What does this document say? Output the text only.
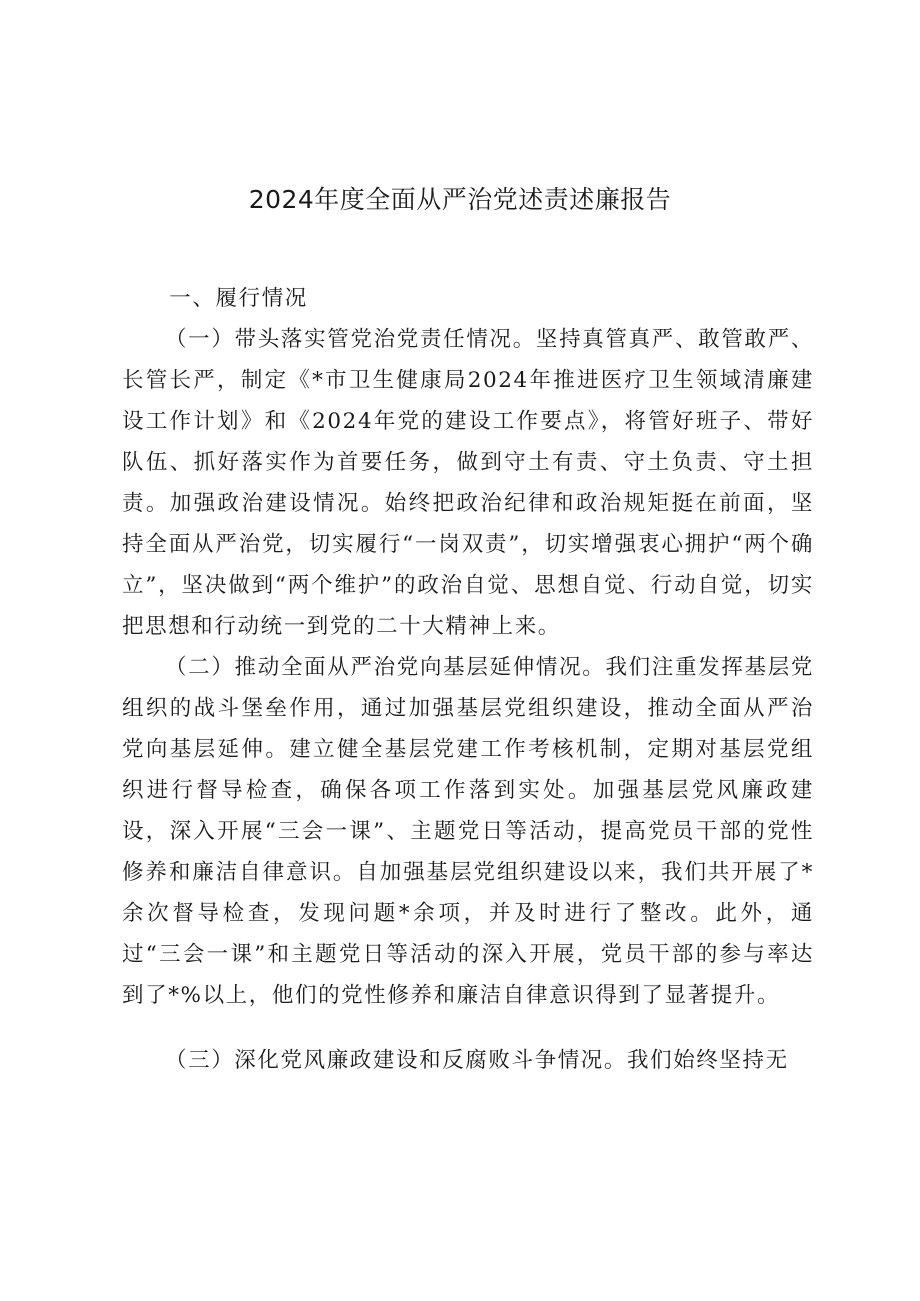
2024年度全面从严治党述责述廉报告

一、履行情况

（一）带头落实管党治党责任情况。坚持真管真严、敢管敢严、长管长严，制定《*市卫生健康局2024年推进医疗卫生领域清廉建设工作计划》和《2024年党的建设工作要点》，将管好班子、带好队伍、抓好落实作为首要任务，做到守土有责、守土负责、守土担责。加强政治建设情况。始终把政治纪律和政治规矩挺在前面，坚持全面从严治党，切实履行“一岗双责”，切实增强衷心拥护“两个确立”，坚决做到“两个维护”的政治自觉、思想自觉、行动自觉，切实把思想和行动统一到党的二十大精神上来。

（二）推动全面从严治党向基层延伸情况。我们注重发挥基层党组织的战斗堡垒作用，通过加强基层党组织建设，推动全面从严治党向基层延伸。建立健全基层党建工作考核机制，定期对基层党组织进行督导检查，确保各项工作落到实处。加强基层党风廉政建设，深入开展“三会一课”、主题党日等活动，提高党员干部的党性修养和廉洁自律意识。自加强基层党组织建设以来，我们共开展了*余次督导检查，发现问题*余项，并及时进行了整改。此外，通过“三会一课”和主题党日等活动的深入开展，党员干部的参与率达到了*%以上，他们的党性修养和廉洁自律意识得到了显著提升。

（三）深化党风廉政建设和反腐败斗争情况。我们始终坚持无
